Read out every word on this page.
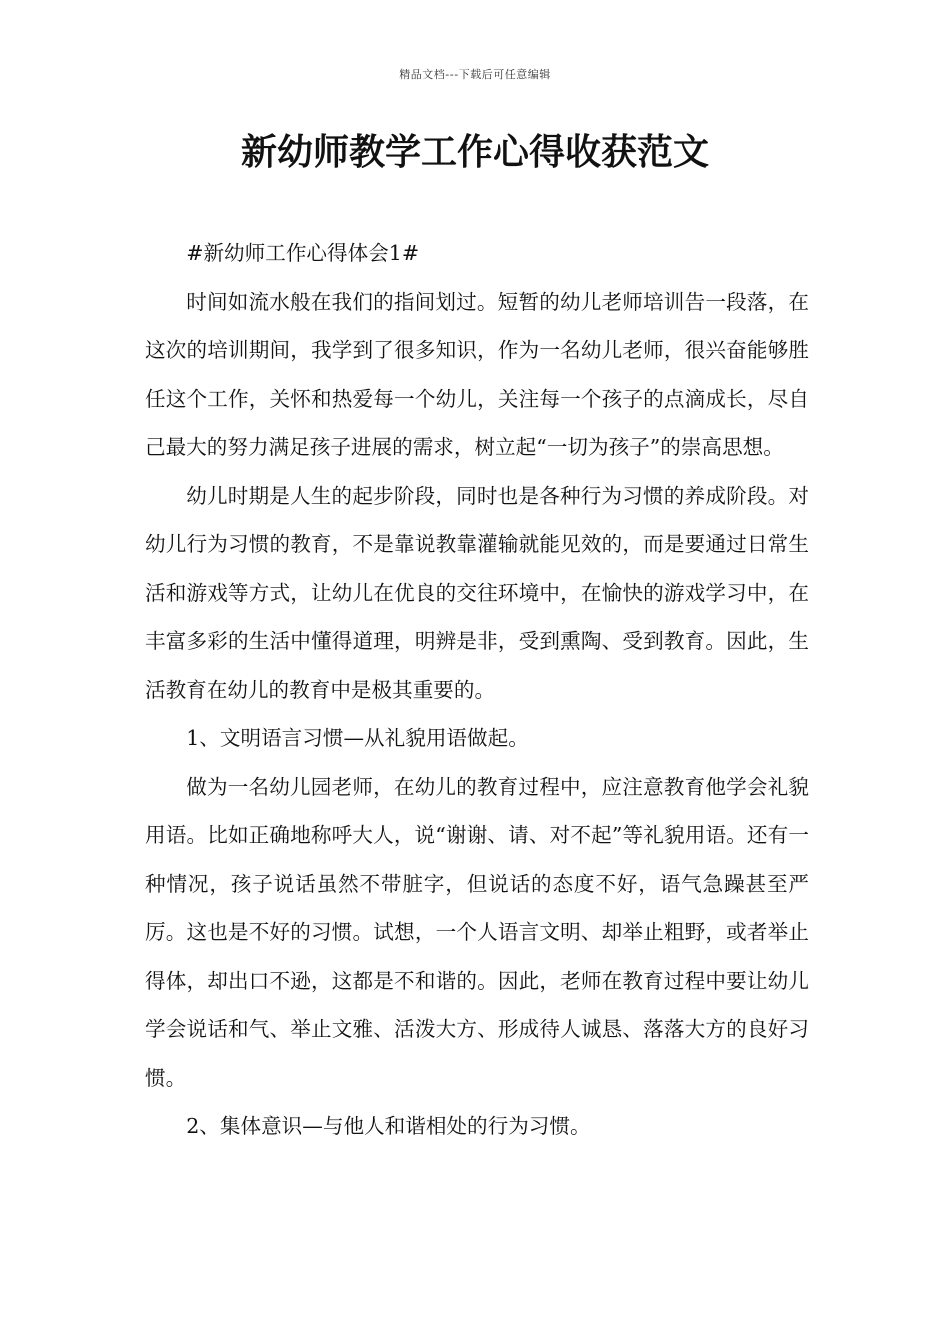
精品文档---下载后可任意编辑
新幼师教学工作心得收获范文

#新幼师工作心得体会1#

时间如流水般在我们的指间划过。短暂的幼儿老师培训告一段落，在这次的培训期间，我学到了很多知识，作为一名幼儿老师，很兴奋能够胜任这个工作，关怀和热爱每一个幼儿，关注每一个孩子的点滴成长，尽自己最大的努力满足孩子进展的需求，树立起“一切为孩子”的崇高思想。

幼儿时期是人生的起步阶段，同时也是各种行为习惯的养成阶段。对幼儿行为习惯的教育，不是靠说教靠灌输就能见效的，而是要通过日常生活和游戏等方式，让幼儿在优良的交往环境中，在愉快的游戏学习中，在丰富多彩的生活中懂得道理，明辨是非，受到熏陶、受到教育。因此，生活教育在幼儿的教育中是极其重要的。

1、文明语言习惯—从礼貌用语做起。

做为一名幼儿园老师，在幼儿的教育过程中，应注意教育他学会礼貌用语。比如正确地称呼大人，说“谢谢、请、对不起”等礼貌用语。还有一种情况，孩子说话虽然不带脏字，但说话的态度不好，语气急躁甚至严厉。这也是不好的习惯。试想，一个人语言文明、却举止粗野，或者举止得体，却出口不逊，这都是不和谐的。因此，老师在教育过程中要让幼儿学会说话和气、举止文雅、活泼大方、形成待人诚恳、落落大方的良好习惯。

2、集体意识—与他人和谐相处的行为习惯。
